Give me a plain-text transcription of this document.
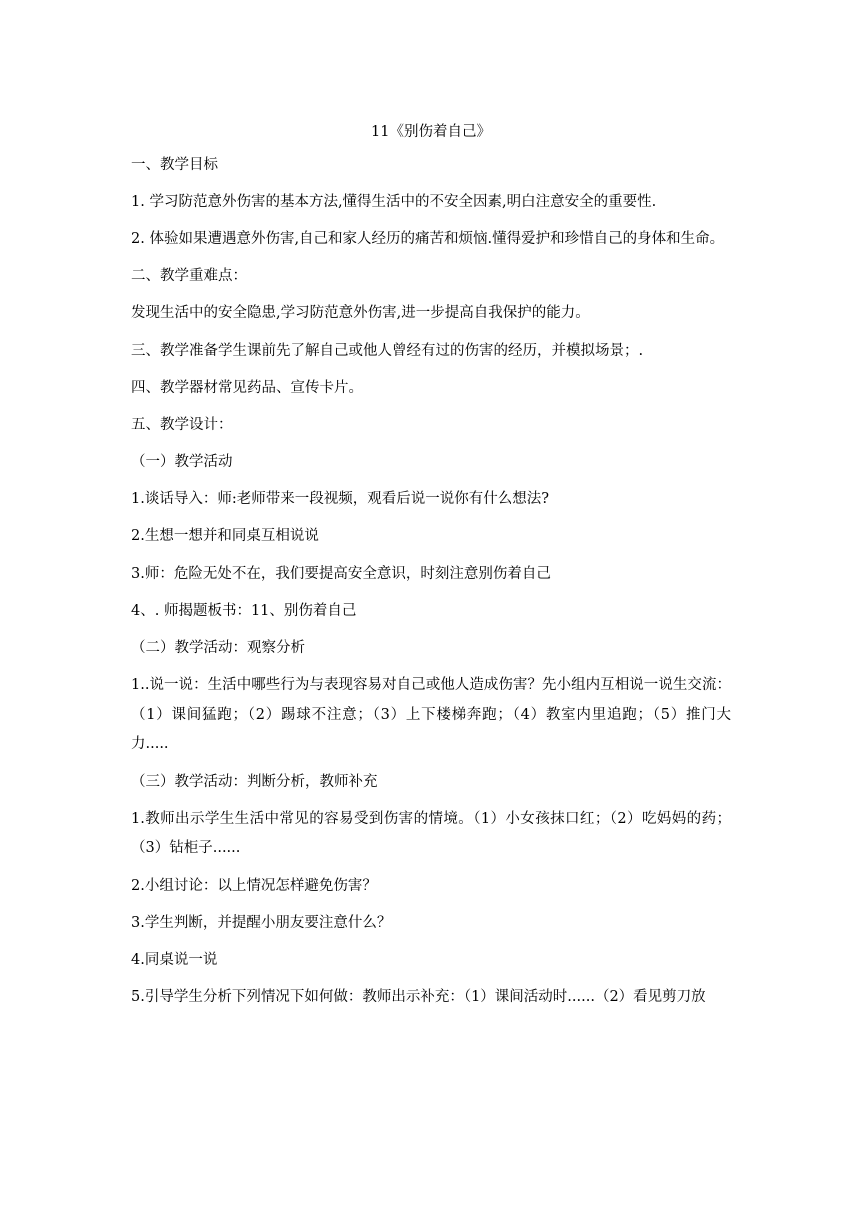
11《别伤着自己》

一、教学目标

1. 学习防范意外伤害的基本方法,懂得生活中的不安全因素,明白注意安全的重要性.

2. 体验如果遭遇意外伤害,自己和家人经历的痛苦和烦恼.懂得爱护和珍惜自己的身体和生命。

二、教学重难点：

发现生活中的安全隐患,学习防范意外伤害,进一步提高自我保护的能力。

三、教学准备学生课前先了解自己或他人曾经有过的伤害的经历，并模拟场景；.

四、教学器材常见药品、宣传卡片。

五、教学设计：

（一）教学活动

1.谈话导入：师:老师带来一段视频，观看后说一说你有什么想法?

2.生想一想并和同桌互相说说

3.师：危险无处不在，我们要提高安全意识，时刻注意别伤着自己

4、. 师揭题板书：11、别伤着自己

（二）教学活动：观察分析

1..说一说：生活中哪些行为与表现容易对自己或他人造成伤害？先小组内互相说一说生交流：（1）课间猛跑；（2）踢球不注意；（3）上下楼梯奔跑；（4）教室内里追跑；（5）推门大力.....

（三）教学活动：判断分析，教师补充

1.教师出示学生生活中常见的容易受到伤害的情境。（1）小女孩抹口红；（2）吃妈妈的药；（3）钻柜子......

2.小组讨论：以上情况怎样避免伤害？

3.学生判断，并提醒小朋友要注意什么？

4.同桌说一说

5.引导学生分析下列情况下如何做：教师出示补充：（1）课间活动时......（2）看见剪刀放
